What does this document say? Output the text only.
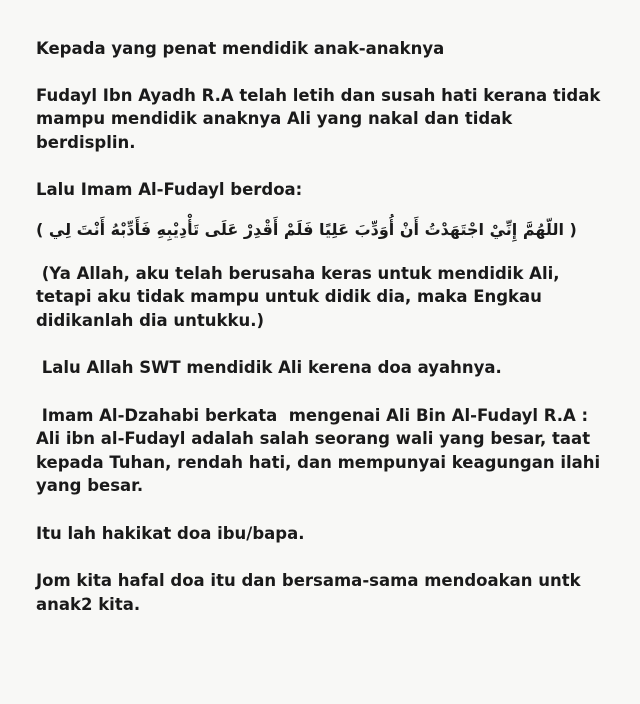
Kepada yang penat mendidik anak-anaknya

Fudayl Ibn Ayadh R.A telah letih dan susah hati kerana tidak
mampu mendidik anaknya Ali yang nakal dan tidak
berdisplin.

Lalu Imam Al-Fudayl berdoa:

( اللّهُمَّ إِنِّيْ اجْتَهَدْتُ أَنْ أُوَدِّبَ عَلِيًا فَلَمْ أَقْدِرْ عَلَى تَأْدِيْبِهِ فَأَدِّبْهُ أَنْتَ لِي )

(Ya Allah, aku telah berusaha keras untuk mendidik Ali,
tetapi aku tidak mampu untuk didik dia, maka Engkau
didikanlah dia untukku.)

Lalu Allah SWT mendidik Ali kerena doa ayahnya.

Imam Al-Dzahabi berkata  mengenai Ali Bin Al-Fudayl R.A :
Ali ibn al-Fudayl adalah salah seorang wali yang besar, taat
kepada Tuhan, rendah hati, dan mempunyai keagungan ilahi
yang besar.

Itu lah hakikat doa ibu/bapa.

Jom kita hafal doa itu dan bersama-sama mendoakan untk
anak2 kita.
